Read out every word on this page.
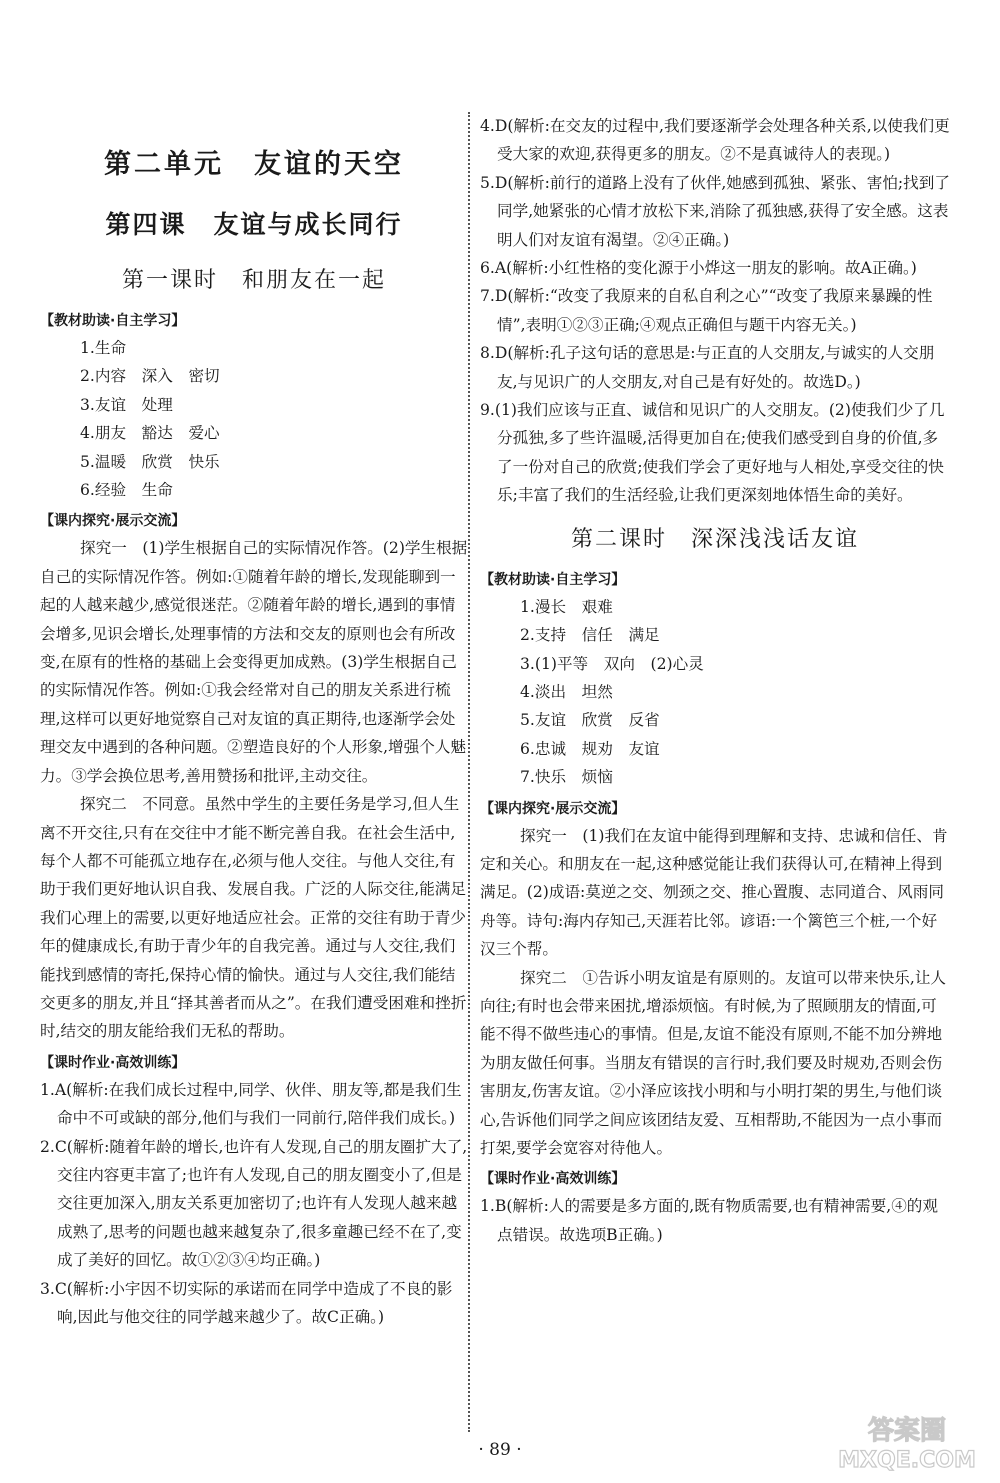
第二单元　友谊的天空
第四课　友谊与成长同行
第一课时　和朋友在一起
【教材助读·自主学习】
1.生命
2.内容　深入　密切
3.友谊　处理
4.朋友　豁达　爱心
5.温暖　欣赏　快乐
6.经验　生命
【课内探究·展示交流】
探究一　 (1)学生根据自己的实际情况作答。(2)学生根据自己的实际情况作答。例如:①随着年龄的增长,发现能聊到一起的人越来越少,感觉很迷茫。②随着年龄的增长,遇到的事情会增多,见识会增长,处理事情的方法和交友的原则也会有所改变,在原有的性格的基础上会变得更加成熟。(3)学生根据自己的实际情况作答。例如:①我会经常对自己的朋友关系进行梳理,这样可以更好地觉察自己对友谊的真正期待,也逐渐学会处理交友中遇到的各种问题。②塑造良好的个人形象,增强个人魅力。③学会换位思考,善用赞扬和批评,主动交往。
探究二　 不同意。虽然中学生的主要任务是学习,但人生离不开交往,只有在交往中才能不断完善自我。在社会生活中,每个人都不可能孤立地存在,必须与他人交往。与他人交往,有助于我们更好地认识自我、发展自我。广泛的人际交往,能满足我们心理上的需要,以更好地适应社会。正常的交往有助于青少年的健康成长,有助于青少年的自我完善。通过与人交往,我们能找到感情的寄托,保持心情的愉快。通过与人交往,我们能结交更多的朋友,并且“择其善者而从之”。在我们遭受困难和挫折时,结交的朋友能给我们无私的帮助。
【课时作业·高效训练】
1.A(解析:在我们成长过程中,同学、伙伴、朋友等,都是我们生命中不可或缺的部分,他们与我们一同前行,陪伴我们成长。)
2.C(解析:随着年龄的增长,也许有人发现,自己的朋友圈扩大了,交往内容更丰富了;也许有人发现,自己的朋友圈变小了,但是交往更加深入,朋友关系更加密切了;也许有人发现人越来越成熟了,思考的问题也越来越复杂了,很多童趣已经不在了,变成了美好的回忆。故①②③④均正确。)
3.C(解析:小宇因不切实际的承诺而在同学中造成了不良的影响,因此与他交往的同学越来越少了。故C正确。)
4.D(解析:在交友的过程中,我们要逐渐学会处理各种关系,以使我们更受大家的欢迎,获得更多的朋友。②不是真诚待人的表现。)
5.D(解析:前行的道路上没有了伙伴,她感到孤独、紧张、害怕;找到了同学,她紧张的心情才放松下来,消除了孤独感,获得了安全感。这表明人们对友谊有渴望。②④正确。)
6.A(解析:小红性格的变化源于小烨这一朋友的影响。故A正确。)
7.D(解析:“改变了我原来的自私自利之心”“改变了我原来暴躁的性情”,表明①②③正确;④观点正确但与题干内容无关。)
8.D(解析:孔子这句话的意思是:与正直的人交朋友,与诚实的人交朋友,与见识广的人交朋友,对自己是有好处的。故选D。)
9.(1)我们应该与正直、诚信和见识广的人交朋友。(2)使我们少了几分孤独,多了些许温暖,活得更加自在;使我们感受到自身的价值,多了一份对自己的欣赏;使我们学会了更好地与人相处,享受交往的快乐;丰富了我们的生活经验,让我们更深刻地体悟生命的美好。
第二课时　深深浅浅话友谊
【教材助读·自主学习】
1.漫长　艰难
2.支持　信任　满足
3.(1)平等　双向　(2)心灵
4.淡出　坦然
5.友谊　欣赏　反省
6.忠诚　规劝　友谊
7.快乐　烦恼
【课内探究·展示交流】
探究一　 (1)我们在友谊中能得到理解和支持、忠诚和信任、肯定和关心。和朋友在一起,这种感觉能让我们获得认可,在精神上得到满足。(2)成语:莫逆之交、刎颈之交、推心置腹、志同道合、风雨同舟等。诗句:海内存知己,天涯若比邻。谚语:一个篱笆三个桩,一个好汉三个帮。
探究二　 ①告诉小明友谊是有原则的。友谊可以带来快乐,让人向往;有时也会带来困扰,增添烦恼。有时候,为了照顾朋友的情面,可能不得不做些违心的事情。但是,友谊不能没有原则,不能不加分辨地为朋友做任何事。当朋友有错误的言行时,我们要及时规劝,否则会伤害朋友,伤害友谊。②小泽应该找小明和与小明打架的男生,与他们谈心,告诉他们同学之间应该团结友爱、互相帮助,不能因为一点小事而打架,要学会宽容对待他人。
【课时作业·高效训练】
1.B(解析:人的需要是多方面的,既有物质需要,也有精神需要,④的观点错误。故选项B正确。)
· 89 ·
答案圈
MXQE.COM
